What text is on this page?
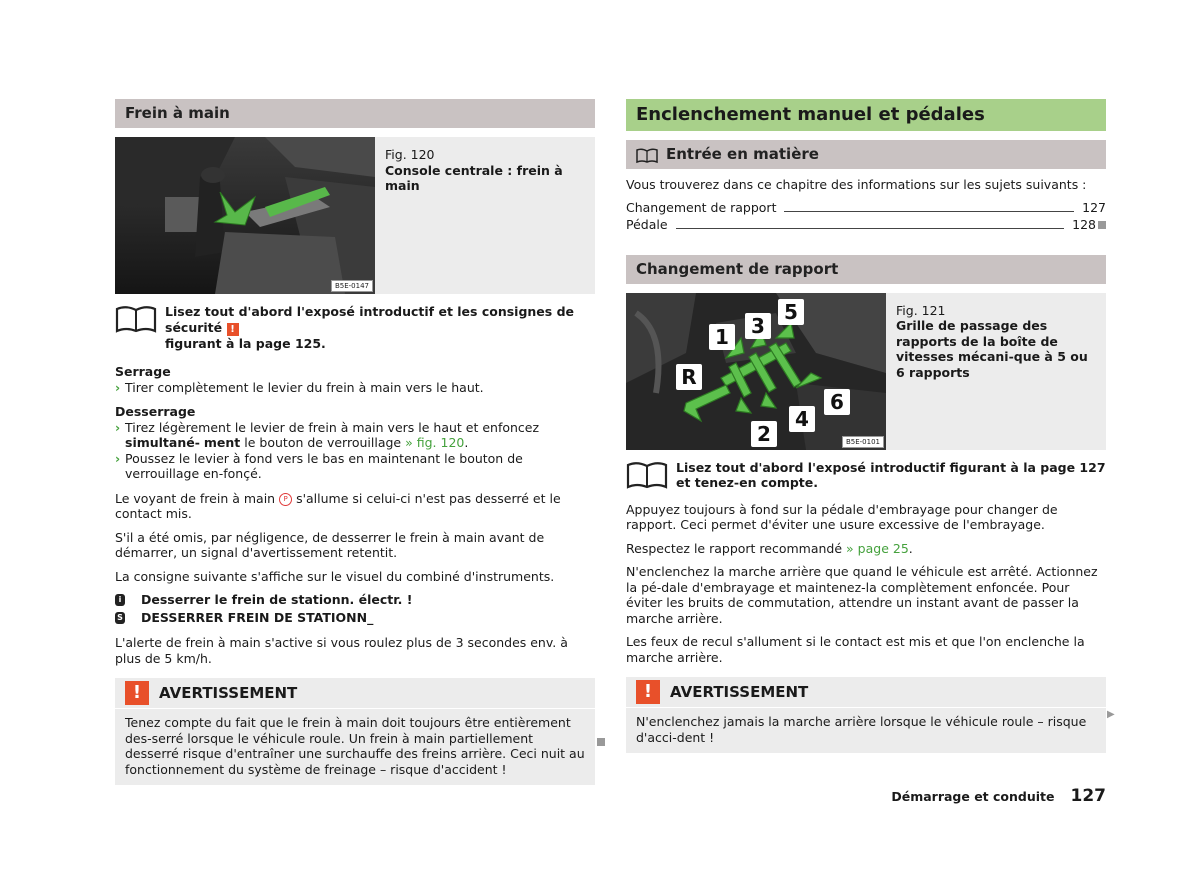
Frein à main
B5E-0147
Fig. 120
Console centrale : frein à main
Lisez tout d'abord l'exposé introductif et les consignes de sécurité !
figurant à la page 125.
Serrage
› Tirer complètement le levier du frein à main vers le haut.
Desserrage
› Tirez légèrement le levier de frein à main vers le haut et enfoncez simultané- ment le bouton de verrouillage » fig. 120.
› Poussez le levier à fond vers le bas en maintenant le bouton de verrouillage en-fonçé.
Le voyant de frein à main P s'allume si celui-ci n'est pas desserré et le contact mis.
S'il a été omis, par négligence, de desserrer le frein à main avant de démarrer, un signal d'avertissement retentit.
La consigne suivante s'affiche sur le visuel du combiné d'instruments.
i Desserrer le frein de stationn. électr. !
S DESSERRER FREIN DE STATIONN_
L'alerte de frein à main s'active si vous roulez plus de 3 secondes env. à plus de 5 km/h.
!	AVERTISSEMENT
Tenez compte du fait que le frein à main doit toujours être entièrement des-serré lorsque le véhicule roule. Un frein à main partiellement desserré risque d'entraîner une surchauffe des freins arrière. Ceci nuit au fonctionnement du système de freinage – risque d'accident !
Enclenchement manuel et pédales
Entrée en matière
Vous trouverez dans ce chapitre des informations sur les sujets suivants :
Changement de rapport	127
Pédale	128
Changement de rapport
1
2
3
4
5
6
R
B5E-0101
Fig. 121
Grille de passage des rapports de la boîte de vitesses mécani-que à 5 ou 6 rapports
Lisez tout d'abord l'exposé introductif figurant à la page 127 et tenez-en compte.
Appuyez toujours à fond sur la pédale d'embrayage pour changer de rapport. Ceci permet d'éviter une usure excessive de l'embrayage.
Respectez le rapport recommandé » page 25.
N'enclenchez la marche arrière que quand le véhicule est arrêté. Actionnez la pé-dale d'embrayage et maintenez-la complètement enfoncée. Pour éviter les bruits de commutation, attendre un instant avant de passer la marche arrière.
Les feux de recul s'allument si le contact est mis et que l'on enclenche la marche arrière.
!	AVERTISSEMENT
N'enclenchez jamais la marche arrière lorsque le véhicule roule – risque d'acci-dent !
▶
Démarrage et conduite 127
